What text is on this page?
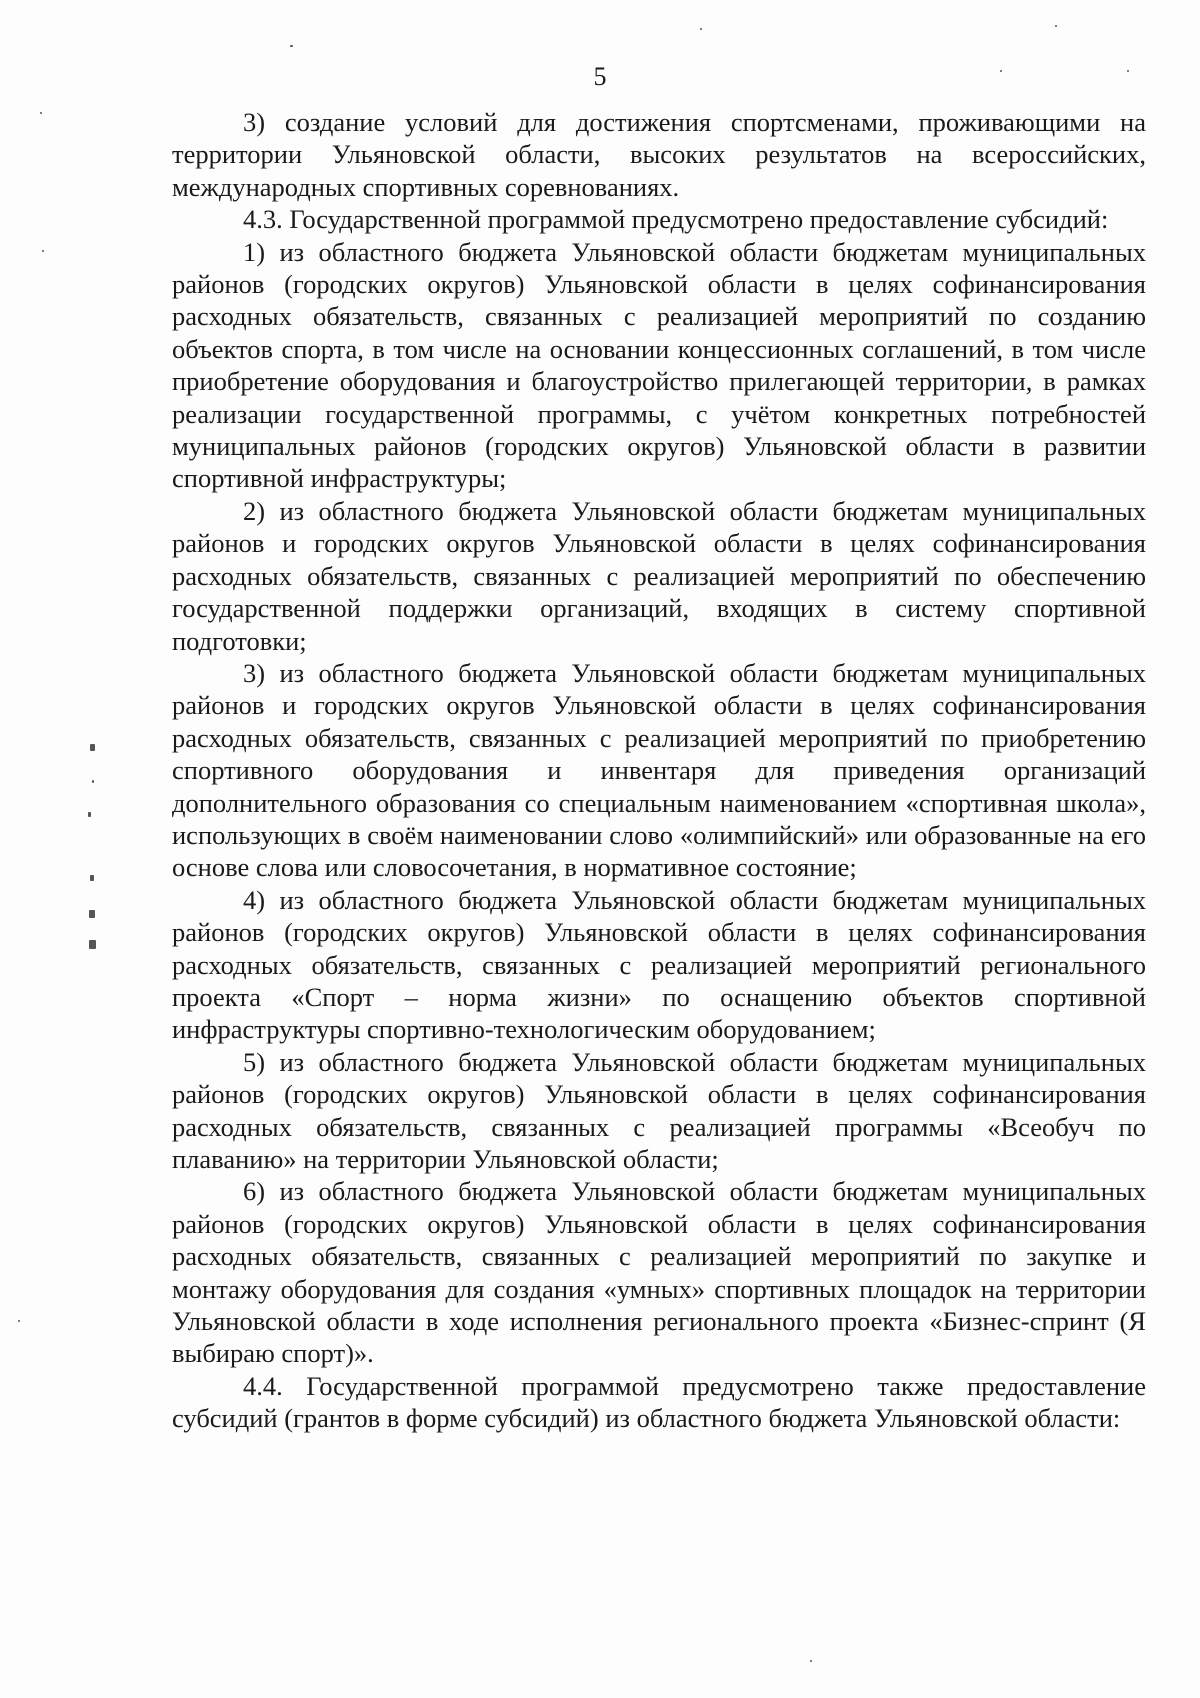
5

3) создание условий для достижения спортсменами, проживающими на территории Ульяновской области, высоких результатов на всероссийских, международных спортивных соревнованиях.

4.3. Государственной программой предусмотрено предоставление субсидий:

1) из областного бюджета Ульяновской области бюджетам муниципальных районов (городских округов) Ульяновской области в целях софинансирования расходных обязательств, связанных с реализацией мероприятий по созданию объектов спорта, в том числе на основании концессионных соглашений, в том числе приобретение оборудования и благоустройство прилегающей территории, в рамках реализации государственной программы, с учётом конкретных потребностей муниципальных районов (городских округов) Ульяновской области в развитии спортивной инфраструктуры;

2) из областного бюджета Ульяновской области бюджетам муниципальных районов и городских округов Ульяновской области в целях софинансирования расходных обязательств, связанных с реализацией мероприятий по обеспечению государственной поддержки организаций, входящих в систему спортивной подготовки;

3) из областного бюджета Ульяновской области бюджетам муниципальных районов и городских округов Ульяновской области в целях софинансирования расходных обязательств, связанных с реализацией мероприятий по приобретению спортивного оборудования и инвентаря для приведения организаций дополнительного образования со специальным наименованием «спортивная школа», использующих в своём наименовании слово «олимпийский» или образованные на его основе слова или словосочетания, в нормативное состояние;

4) из областного бюджета Ульяновской области бюджетам муниципальных районов (городских округов) Ульяновской области в целях софинансирования расходных обязательств, связанных с реализацией мероприятий регионального проекта «Спорт – норма жизни» по оснащению объектов спортивной инфраструктуры спортивно-технологическим оборудованием;

5) из областного бюджета Ульяновской области бюджетам муниципальных районов (городских округов) Ульяновской области в целях софинансирования расходных обязательств, связанных с реализацией программы «Всеобуч по плаванию» на территории Ульяновской области;

6) из областного бюджета Ульяновской области бюджетам муниципальных районов (городских округов) Ульяновской области в целях софинансирования расходных обязательств, связанных с реализацией мероприятий по закупке и монтажу оборудования для создания «умных» спортивных площадок на территории Ульяновской области в ходе исполнения регионального проекта «Бизнес-спринт (Я выбираю спорт)».

4.4. Государственной программой предусмотрено также предоставление субсидий (грантов в форме субсидий) из областного бюджета Ульяновской области:
